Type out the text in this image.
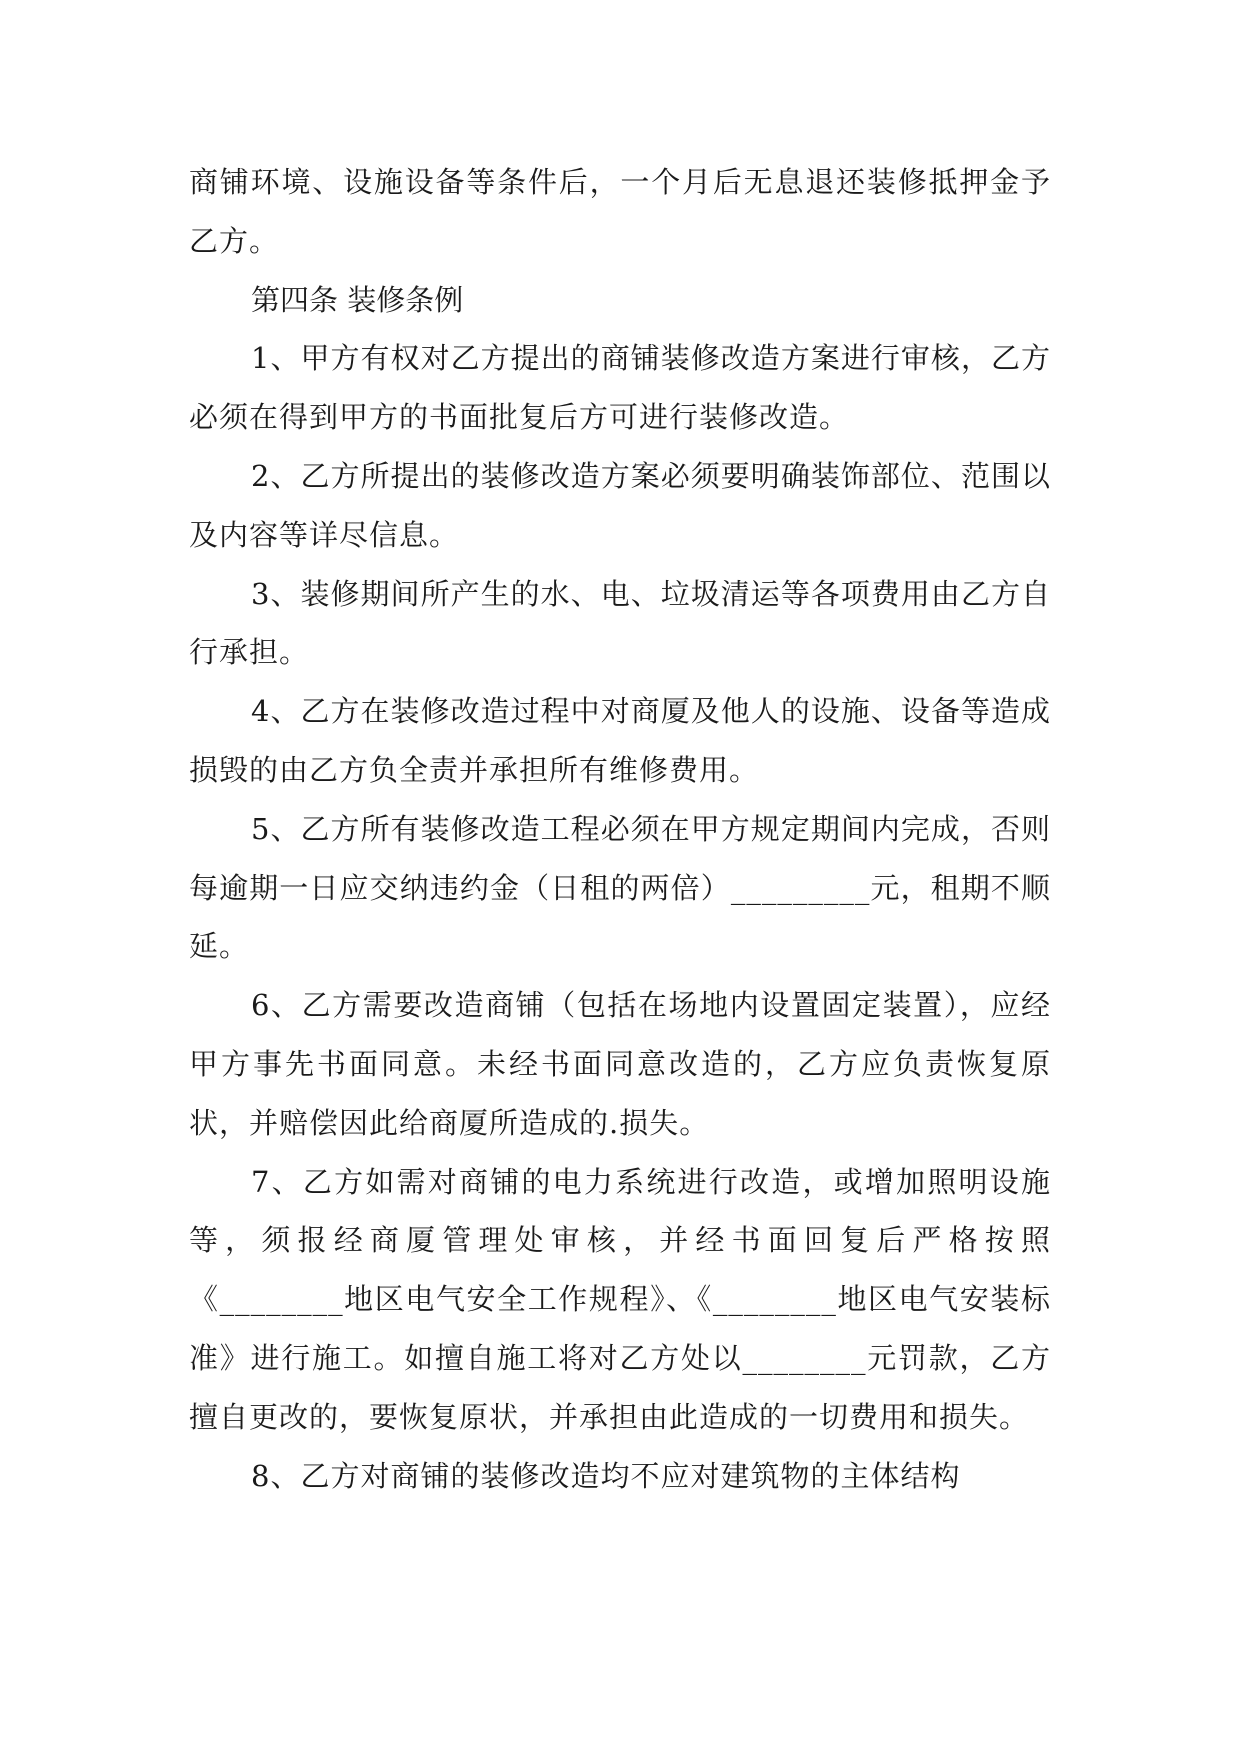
商铺环境、设施设备等条件后，一个月后无息退还装修抵押金予乙方。

第四条 装修条例

1、甲方有权对乙方提出的商铺装修改造方案进行审核，乙方必须在得到甲方的书面批复后方可进行装修改造。

2、乙方所提出的装修改造方案必须要明确装饰部位、范围以及内容等详尽信息。

3、装修期间所产生的水、电、垃圾清运等各项费用由乙方自行承担。

4、乙方在装修改造过程中对商厦及他人的设施、设备等造成损毁的由乙方负全责并承担所有维修费用。

5、乙方所有装修改造工程必须在甲方规定期间内完成，否则每逾期一日应交纳违约金（日租的两倍）_________元，租期不顺延。

6、乙方需要改造商铺（包括在场地内设置固定装置），应经甲方事先书面同意。未经书面同意改造的，乙方应负责恢复原状，并赔偿因此给商厦所造成的.损失。

7、乙方如需对商铺的电力系统进行改造，或增加照明设施等，须报经商厦管理处审核，并经书面回复后严格按照《________地区电气安全工作规程》、《________地区电气安装标准》进行施工。如擅自施工将对乙方处以________元罚款，乙方擅自更改的，要恢复原状，并承担由此造成的一切费用和损失。

8、乙方对商铺的装修改造均不应对建筑物的主体结构
